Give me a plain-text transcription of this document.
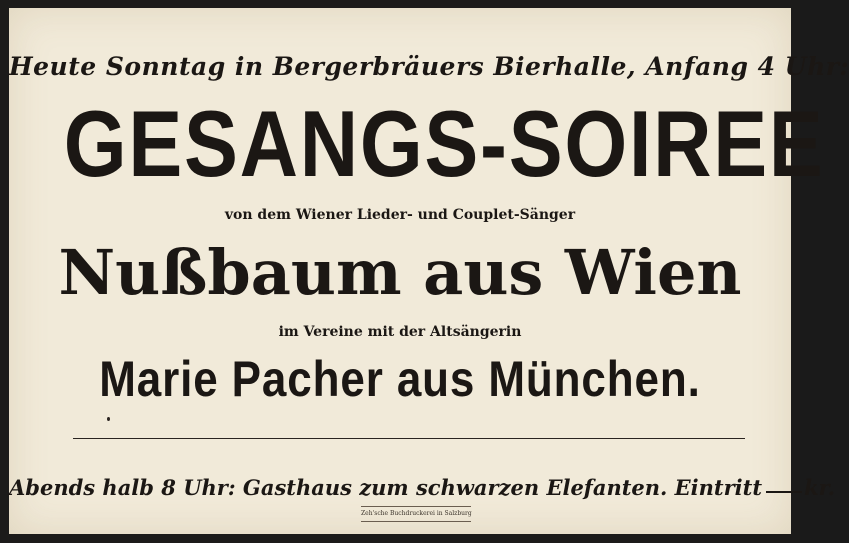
Heute Sonntag in Bergerbräuers Bierhalle, Anfang 4 Uhr:
GESANGS-SOIREE
von dem Wiener Lieder- und Couplet-Sänger
Nußbaum aus Wien
im Vereine mit der Altsängerin
Marie Pacher aus München.
Abends halb 8 Uhr: Gasthaus zum schwarzen Elefanten. Eintritt kr.
Zeh'sche Buchdruckerei in Salzburg
